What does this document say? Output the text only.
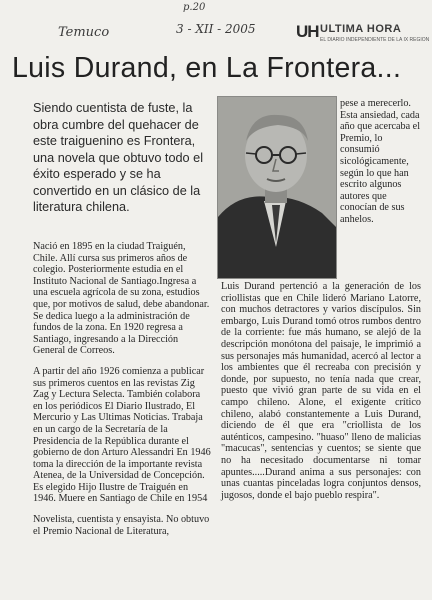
p.20
Temuco	3 - XII - 2005 UH ULTIMA HORA
EL DIARIO INDEPENDIENTE DE LA IX REGION
Luis Durand, en La Frontera...
Siendo cuentista de fuste, la obra cumbre del quehacer de este traiguenino es Frontera, una novela que obtuvo todo el éxito esperado y se ha convertido en un clásico de la literatura chilena.
pese a merecerlo. Esta ansiedad, cada año que acercaba el Premio, lo consumió sicológicamente, según lo que han escrito algunos autores que conocían de sus anhelos.

Nació en 1895 en la ciudad Traiguén, Chile. Allí cursa sus primeros años de colegio. Posteriormente estudia en el Instituto Nacional de Santiago.Ingresa a una escuela agrícola de su zona, estudios que, por motivos de salud, debe abandonar. Se dedica luego a la administración de fundos de la zona. En 1920 regresa a Santiago, ingresando a la Dirección General de Correos.

A partir del año 1926 comienza a publicar sus primeros cuentos en las revistas Zig Zag y Lectura Selecta. También colabora en los periódicos El Diario Ilustrado, El Mercurio y Las Ultimas Noticias. Trabaja en un cargo de la Secretaría de la Presidencia de la República durante el gobierno de don Arturo Alessandri En 1946 toma la dirección de la importante revista Atenea, de la Universidad de Concepción. Es elegido Hijo Ilustre de Traiguén en 1946. Muere en Santiago de Chile en 1954

Novelista, cuentista y ensayista. No obtuvo el Premio Nacional de Literatura,

Luis Durand pertenció a la generación de los criollistas que en Chile lideró Mariano Latorre, con muchos detractores y varios discípulos. Sin embargo, Luis Durand tomó otros rumbos dentro de la corriente: fue más humano, se alejó de la descripción monótona del paisaje, le imprimió a sus personajes más humanidad, acercó al lector a los ambientes que él recreaba con precisión y donde, por supuesto, no tenía nada que crear, puesto que vivió gran parte de su vida en el campo chileno. Alone, el exigente crítico chileno, alabó constantemente a Luis Durand, diciendo de él que era "criollista de los auténticos, campesino. "huaso" lleno de malicias "macucas", sentencias y cuentos; se siente que no ha necesitado documentarse ni tomar apuntes.....Durand anima a sus personajes: con unas cuantas pinceladas logra conjuntos densos, jugosos, donde el bajo pueblo respira".
